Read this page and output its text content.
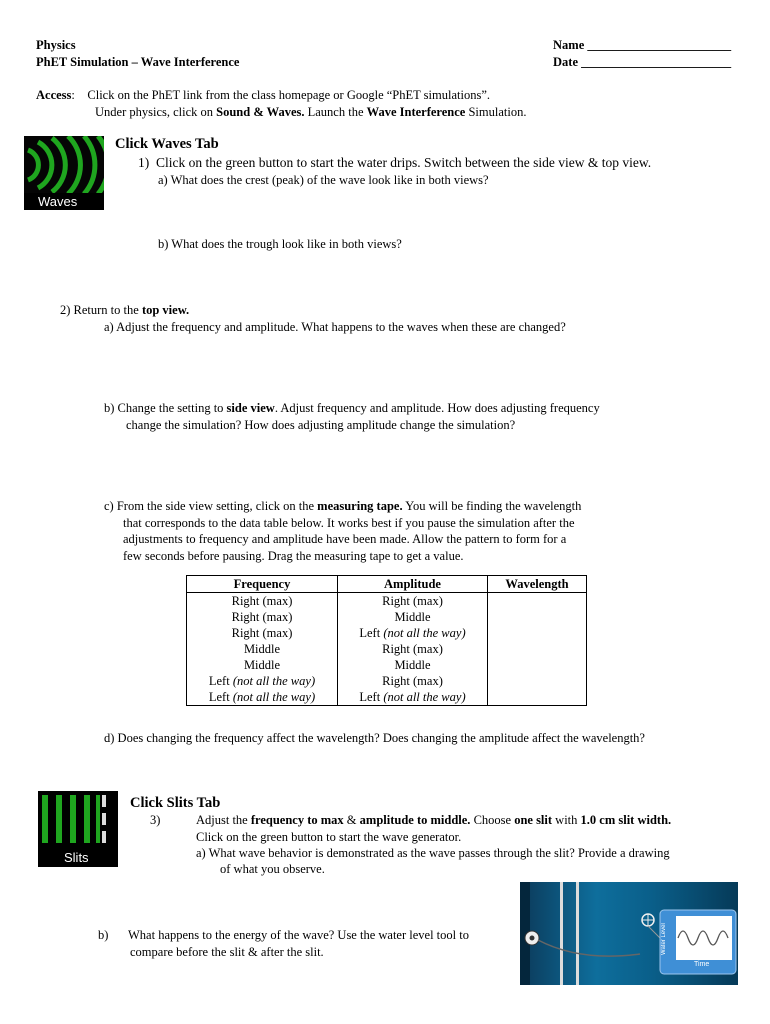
Physics
PhET Simulation – Wave Interference
Name _______________________
Date ________________________
Access:    Click on the PhET link from the class homepage or Google “PhET simulations”.
Under physics, click on Sound & Waves. Launch the Wave Interference Simulation.
Waves
Click Waves Tab
1) Click on the green button to start the water drips. Switch between the side view & top view.
a) What does the crest (peak) of the wave look like in both views?
b) What does the trough look like in both views?
2) Return to the top view.
a) Adjust the frequency and amplitude. What happens to the waves when these are changed?
b) Change the setting to side view. Adjust frequency and amplitude. How does adjusting frequency
change the simulation? How does adjusting amplitude change the simulation?
c) From the side view setting, click on the measuring tape. You will be finding the wavelength
that corresponds to the data table below. It works best if you pause the simulation after the
adjustments to frequency and amplitude have been made. Allow the pattern to form for a
few seconds before pausing. Drag the measuring tape to get a value.
Frequency	Amplitude	Wavelength
Right (max)	Right (max)	
Right (max)	Middle	
Right (max)	Left (not all the way)	
Middle	Right (max)	
Middle	Middle	
Left (not all the way)	Right (max)	
Left (not all the way)	Left (not all the way)	
d) Does changing the frequency affect the wavelength? Does changing the amplitude affect the wavelength?
Slits
Click Slits Tab
3)	Adjust the frequency to max & amplitude to middle. Choose one slit with 1.0 cm slit width.
Click on the green button to start the wave generator.
a) What wave behavior is demonstrated as the wave passes through the slit? Provide a drawing
of what you observe.
b) What happens to the energy of the wave? Use the water level tool to
compare before the slit & after the slit.	Water Level
Time
